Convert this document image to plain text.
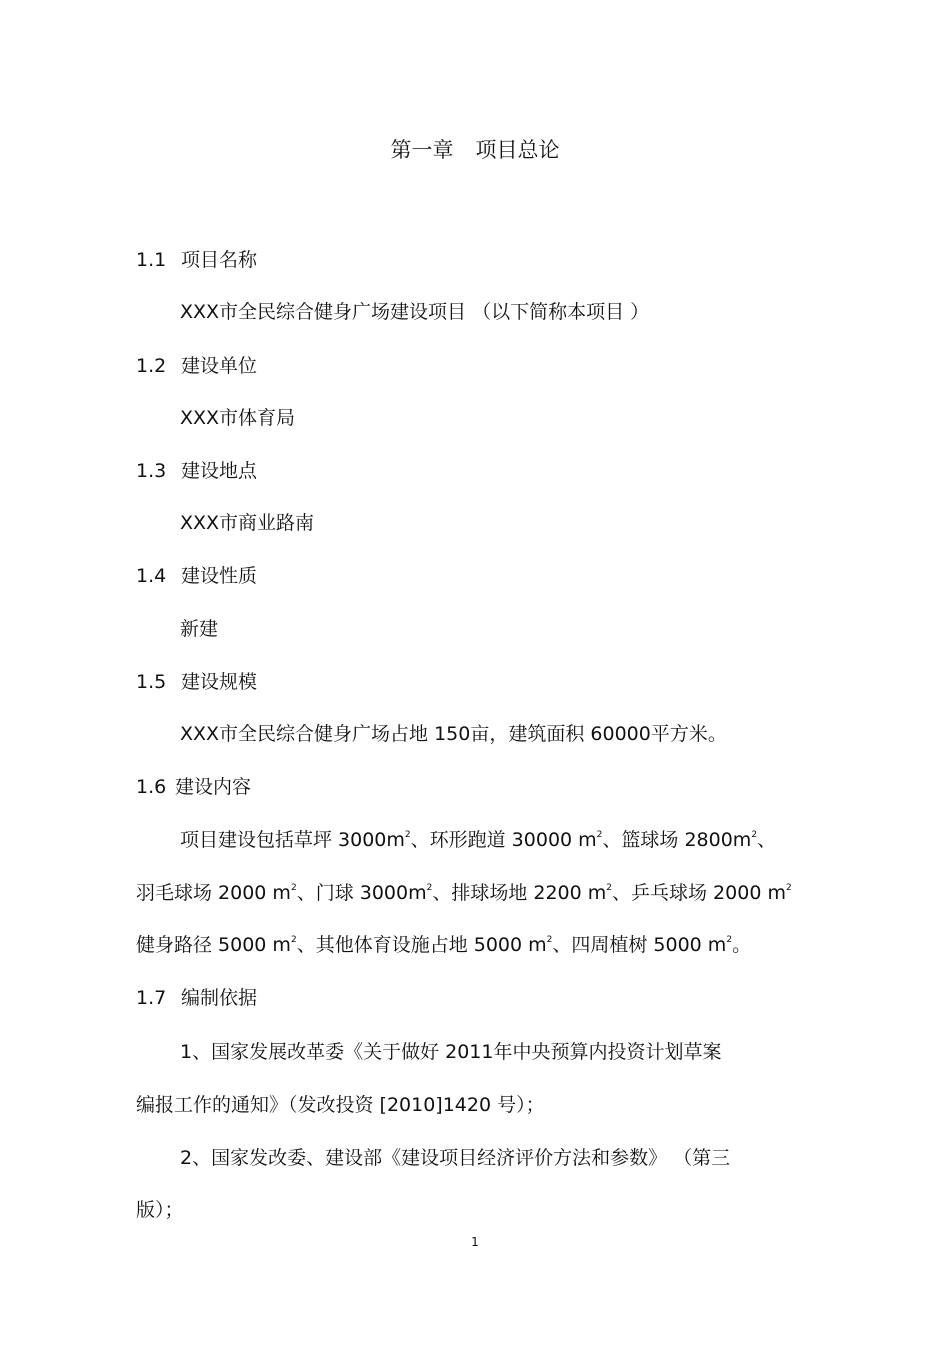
第一章 项目总论
1.1 项目名称
XXX市全民综合健身广场建设项目 （以下简称本项目 ）
1.2 建设单位
XXX市体育局
1.3 建设地点
XXX市商业路南
1.4 建设性质
新建
1.5 建设规模
XXX市全民综合健身广场占地 150亩，建筑面积 60000平方米。
1.6 建设内容
项目建设包括草坪 $3000m^2$、环形跑道 30000 $m^2$、篮球场 $2800m^2$、
羽毛球场 2000 $m^2$、门球 $3000m^2$、排球场地 2200 $m^2$、乒乓球场 2000 $m^2$
健身路径 5000 $m^2$、其他体育设施占地 5000 $m^2$、四周植树 5000 $m^2$。
1.7 编制依据
1、国家发展改革委《关于做好 2011年中央预算内投资计划草案
编报工作的通知》（发改投资 [2010]1420 号）；
2、国家发改委、建设部《建设项目经济评价方法和参数》 （第三
版）；
1
